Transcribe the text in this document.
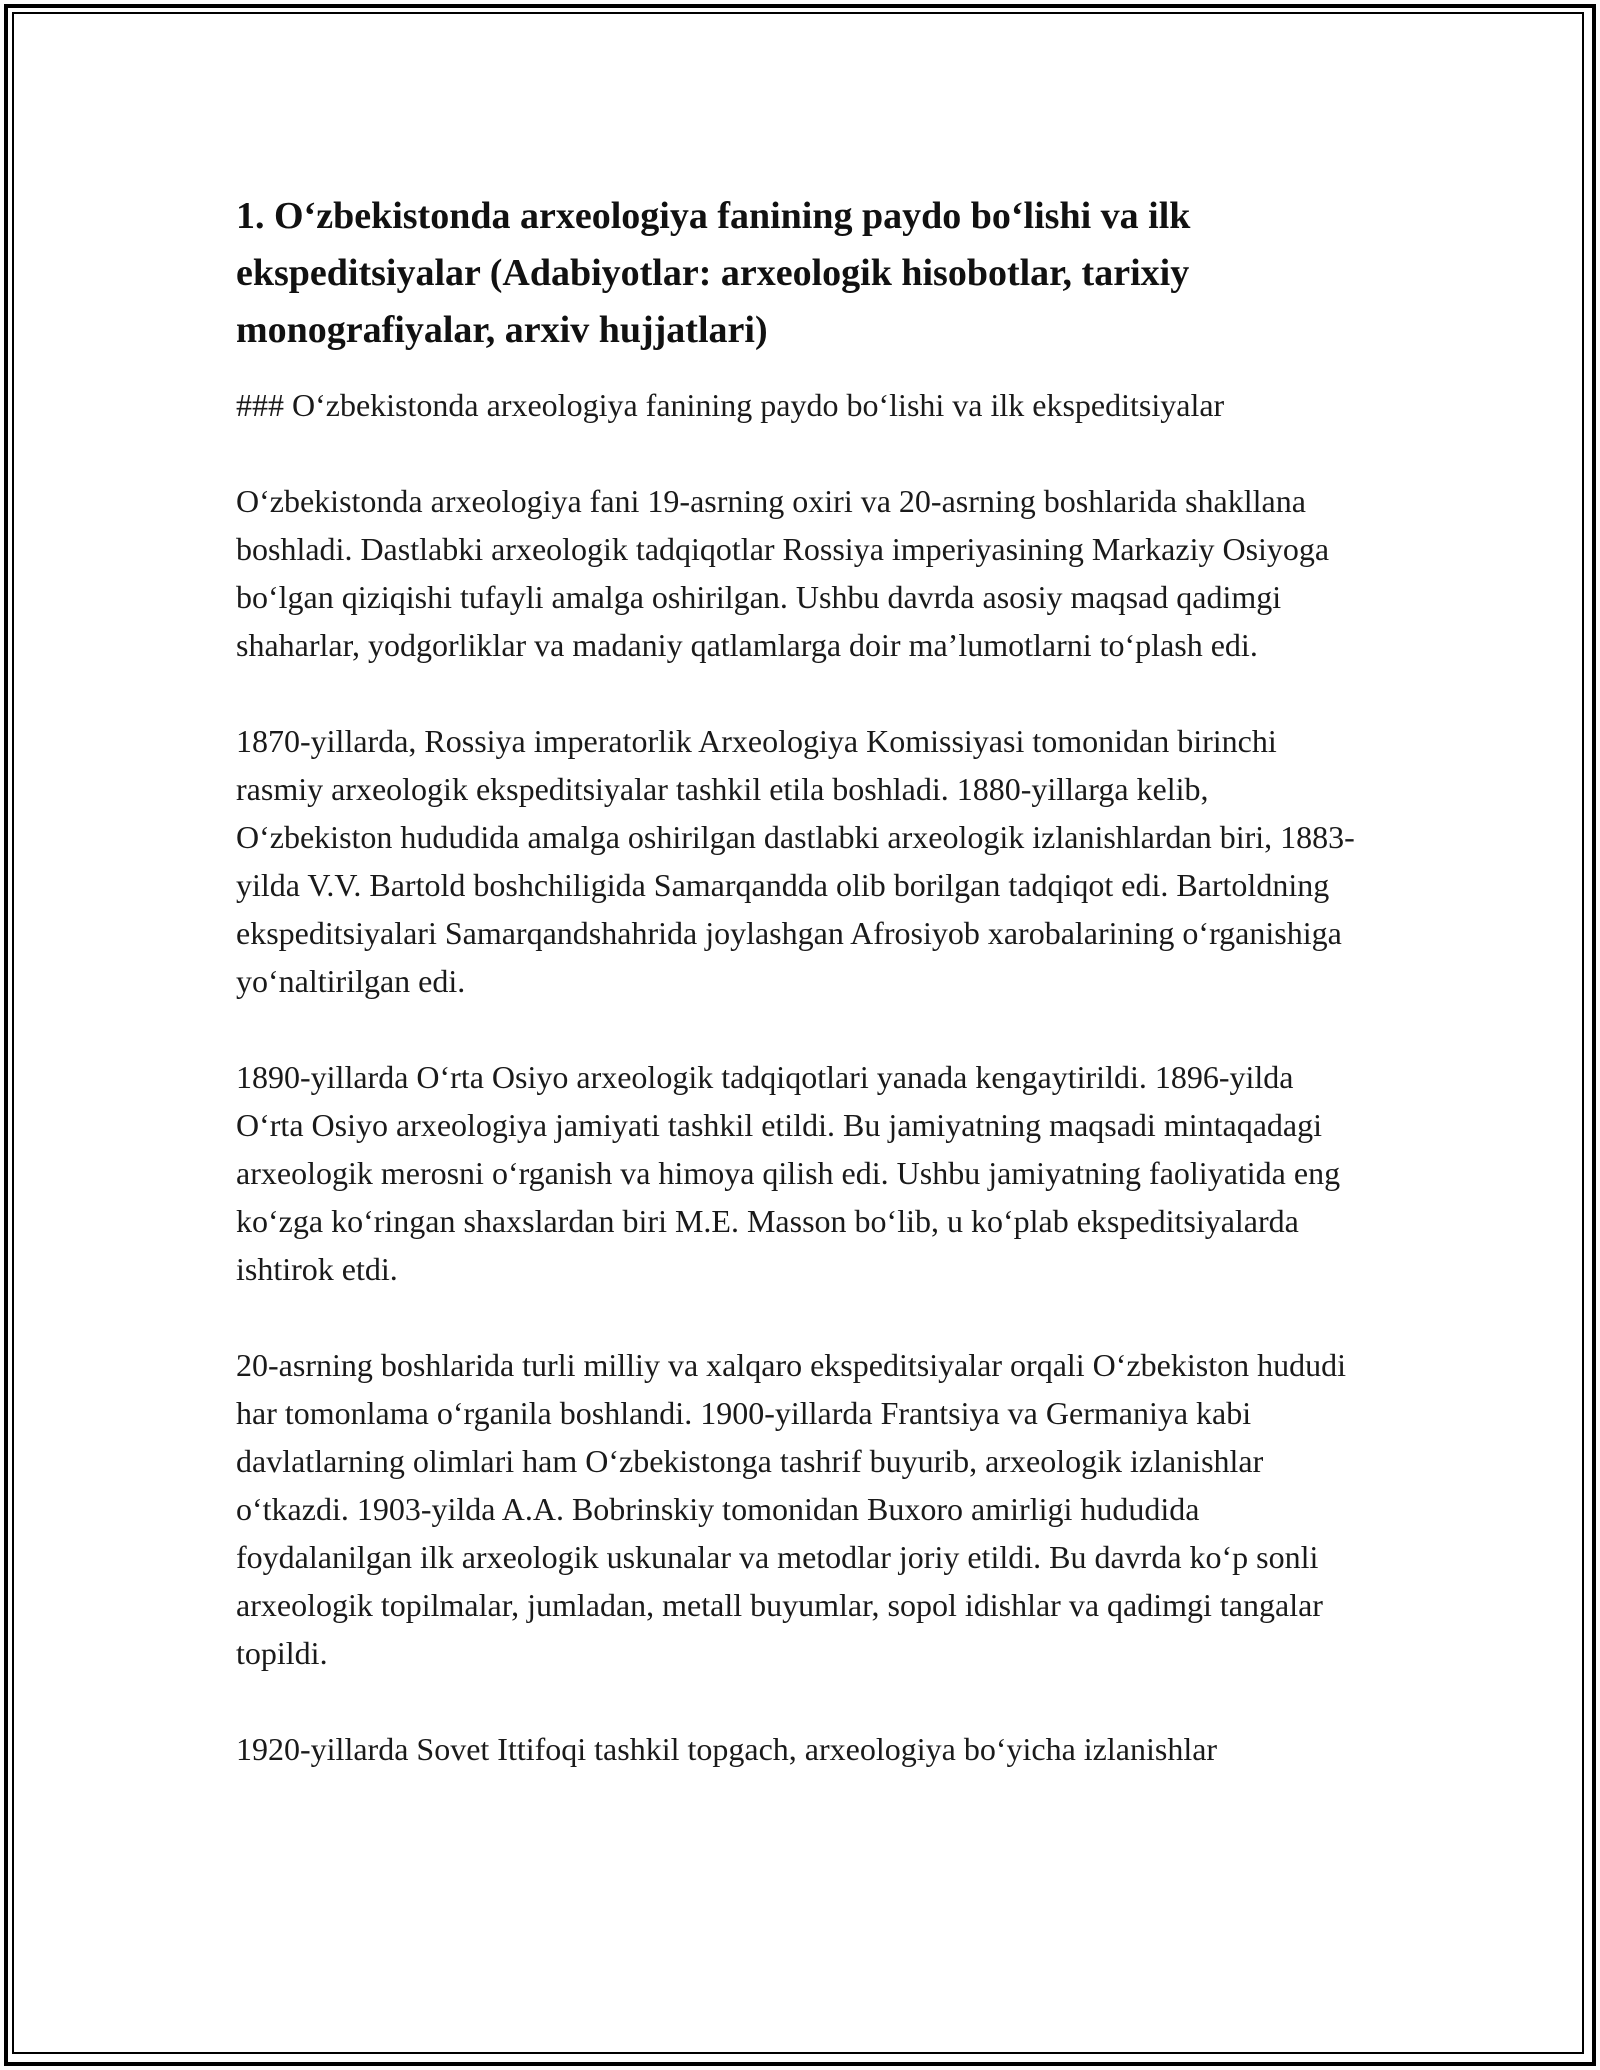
1. O‘zbekistonda arxeologiya fanining paydo bo‘lishi va ilk ekspeditsiyalar (Adabiyotlar: arxeologik hisobotlar, tarixiy monografiyalar, arxiv hujjatlari)

### O‘zbekistonda arxeologiya fanining paydo bo‘lishi va ilk ekspeditsiyalar

O‘zbekistonda arxeologiya fani 19-asrning oxiri va 20-asrning boshlarida shakllana boshladi. Dastlabki arxeologik tadqiqotlar Rossiya imperiyasining Markaziy Osiyoga bo‘lgan qiziqishi tufayli amalga oshirilgan. Ushbu davrda asosiy maqsad qadimgi shaharlar, yodgorliklar va madaniy qatlamlarga doir ma’lumotlarni to‘plash edi.

1870-yillarda, Rossiya imperatorlik Arxeologiya Komissiyasi tomonidan birinchi rasmiy arxeologik ekspeditsiyalar tashkil etila boshladi. 1880-yillarga kelib, O‘zbekiston hududida amalga oshirilgan dastlabki arxeologik izlanishlardan biri, 1883-yilda V.V. Bartold boshchiligida Samarqandda olib borilgan tadqiqot edi. Bartoldning ekspeditsiyalari Samarqandshahrida joylashgan Afrosiyob xarobalarining o‘rganishiga yo‘naltirilgan edi.

1890-yillarda O‘rta Osiyo arxeologik tadqiqotlari yanada kengaytirildi. 1896-yilda O‘rta Osiyo arxeologiya jamiyati tashkil etildi. Bu jamiyatning maqsadi mintaqadagi arxeologik merosni o‘rganish va himoya qilish edi. Ushbu jamiyatning faoliyatida eng ko‘zga ko‘ringan shaxslardan biri M.E. Masson bo‘lib, u ko‘plab ekspeditsiyalarda ishtirok etdi.

20-asrning boshlarida turli milliy va xalqaro ekspeditsiyalar orqali O‘zbekiston hududi har tomonlama o‘rganila boshlandi. 1900-yillarda Frantsiya va Germaniya kabi davlatlarning olimlari ham O‘zbekistonga tashrif buyurib, arxeologik izlanishlar o‘tkazdi. 1903-yilda A.A. Bobrinskiy tomonidan Buxoro amirligi hududida foydalanilgan ilk arxeologik uskunalar va metodlar joriy etildi. Bu davrda ko‘p sonli arxeologik topilmalar, jumladan, metall buyumlar, sopol idishlar va qadimgi tangalar topildi.

1920-yillarda Sovet Ittifoqi tashkil topgach, arxeologiya bo‘yicha izlanishlar
